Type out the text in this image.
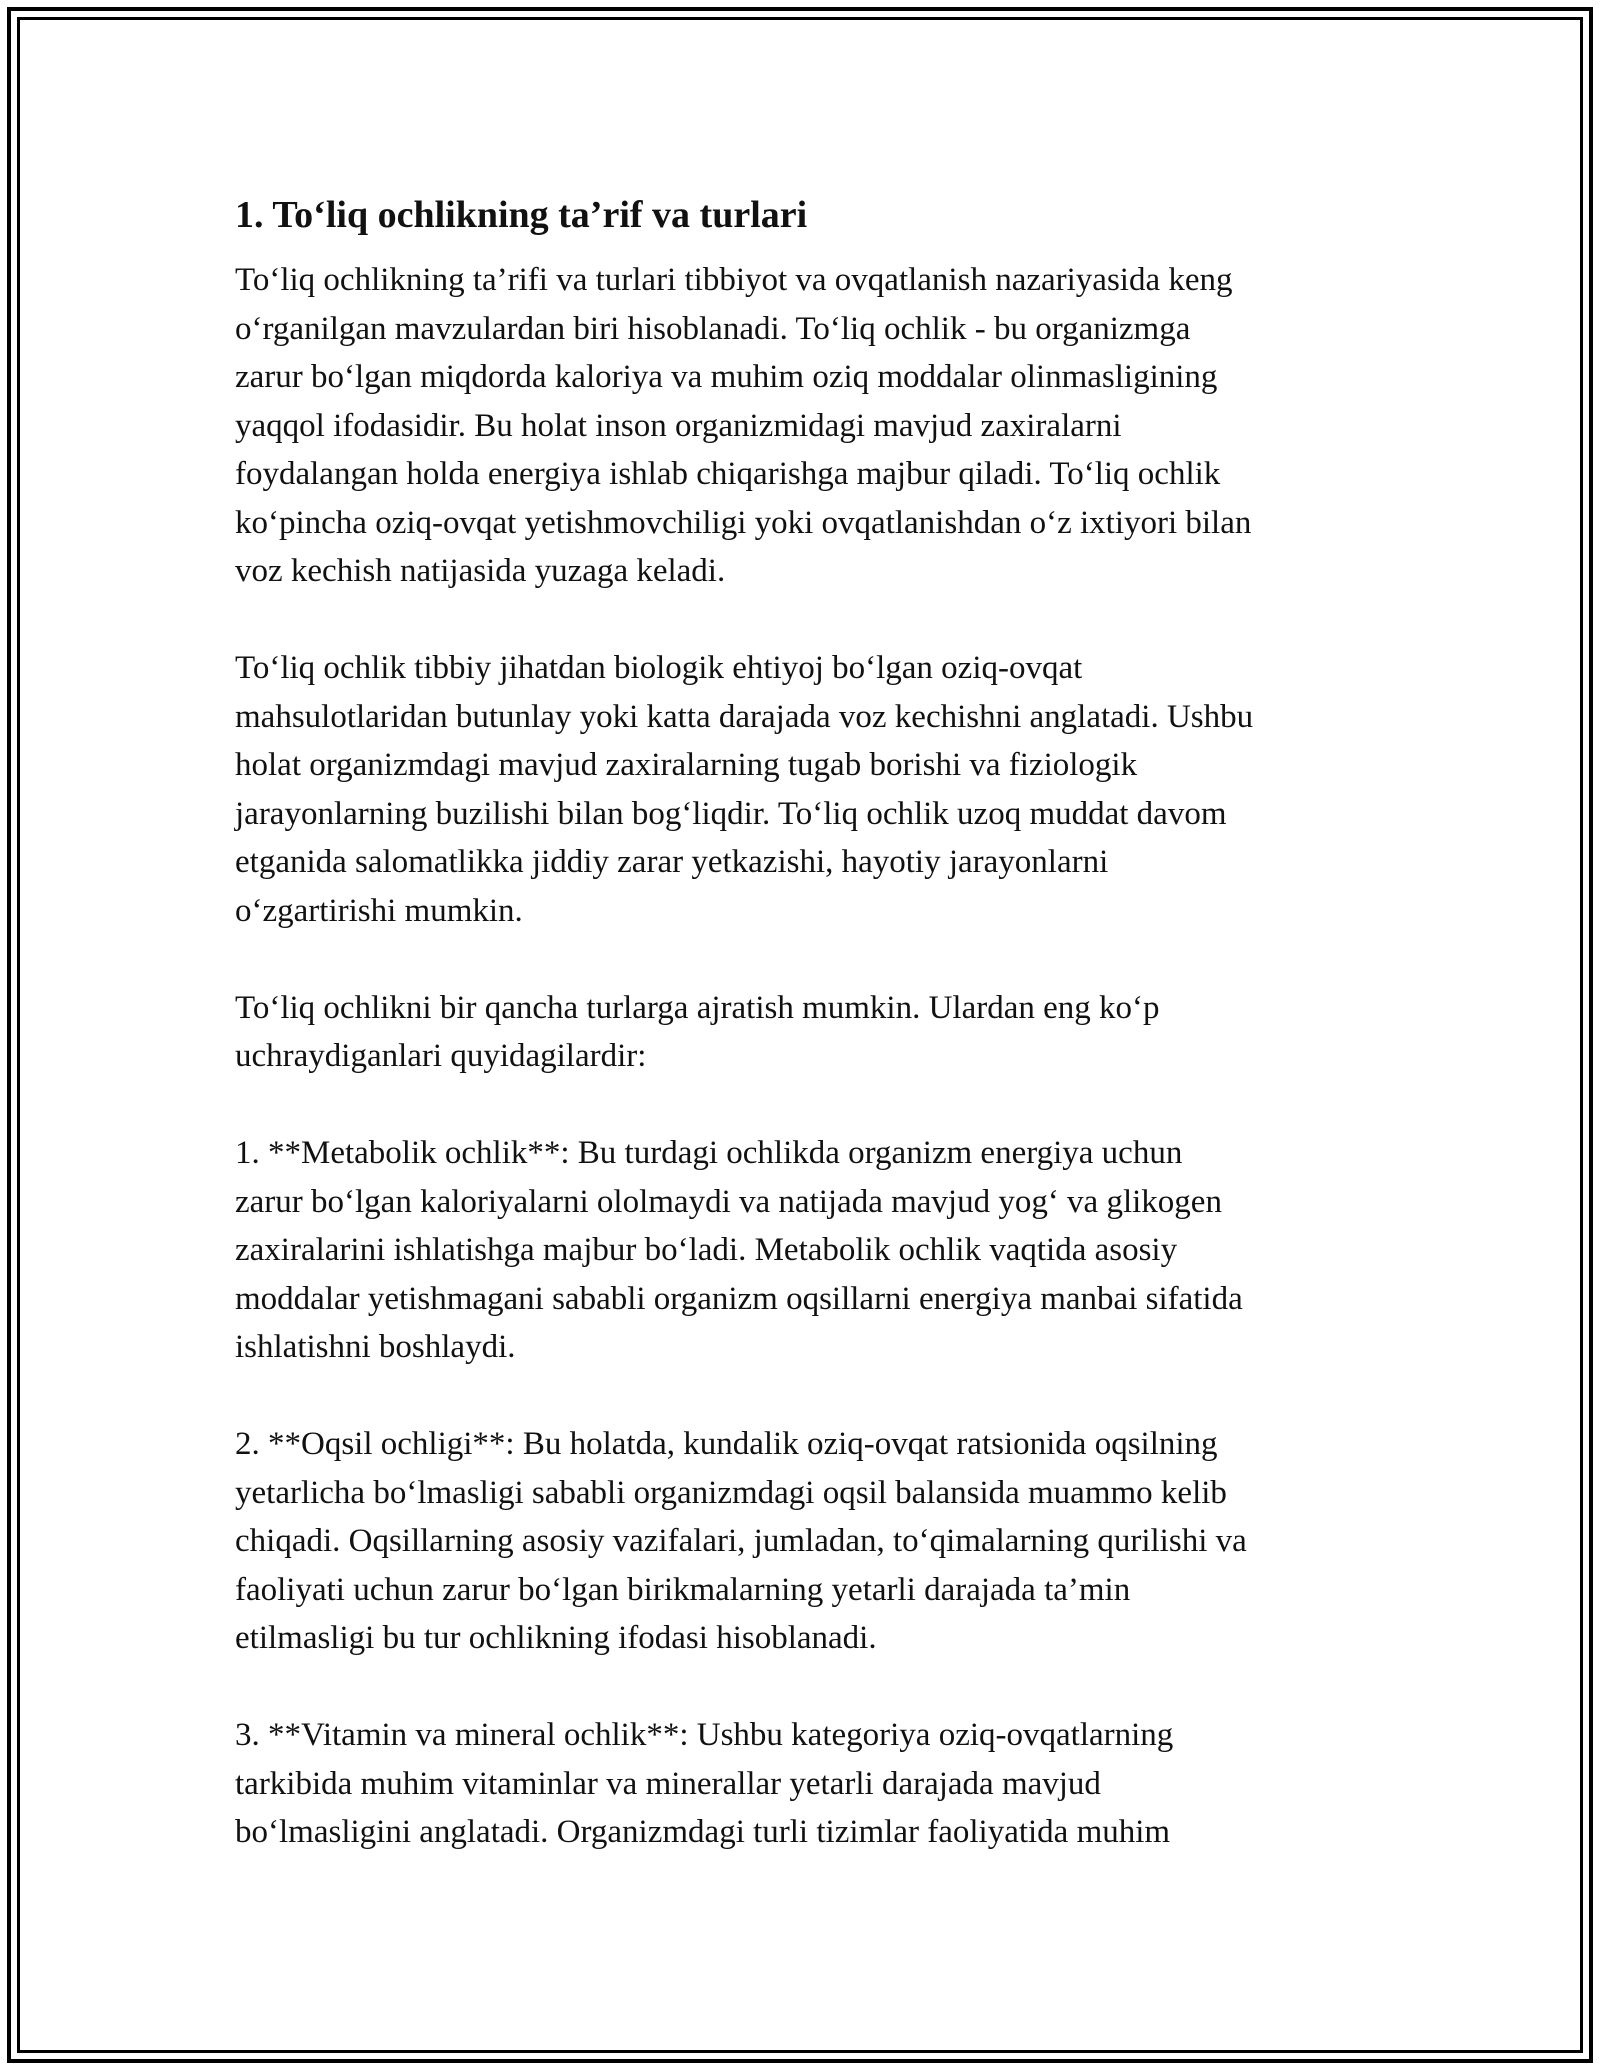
1. To‘liq ochlikning ta’rif va turlari

To‘liq ochlikning ta’rifi va turlari tibbiyot va ovqatlanish nazariyasida keng
o‘rganilgan mavzulardan biri hisoblanadi. To‘liq ochlik - bu organizmga
zarur bo‘lgan miqdorda kaloriya va muhim oziq moddalar olinmasligining
yaqqol ifodasidir. Bu holat inson organizmidagi mavjud zaxiralarni
foydalangan holda energiya ishlab chiqarishga majbur qiladi. To‘liq ochlik
ko‘pincha oziq-ovqat yetishmovchiligi yoki ovqatlanishdan o‘z ixtiyori bilan
voz kechish natijasida yuzaga keladi.

To‘liq ochlik tibbiy jihatdan biologik ehtiyoj bo‘lgan oziq-ovqat
mahsulotlaridan butunlay yoki katta darajada voz kechishni anglatadi. Ushbu
holat organizmdagi mavjud zaxiralarning tugab borishi va fiziologik
jarayonlarning buzilishi bilan bog‘liqdir. To‘liq ochlik uzoq muddat davom
etganida salomatlikka jiddiy zarar yetkazishi, hayotiy jarayonlarni
o‘zgartirishi mumkin.

To‘liq ochlikni bir qancha turlarga ajratish mumkin. Ulardan eng ko‘p
uchraydiganlari quyidagilardir:

1. **Metabolik ochlik**: Bu turdagi ochlikda organizm energiya uchun
zarur bo‘lgan kaloriyalarni ololmaydi va natijada mavjud yog‘ va glikogen
zaxiralarini ishlatishga majbur bo‘ladi. Metabolik ochlik vaqtida asosiy
moddalar yetishmagani sababli organizm oqsillarni energiya manbai sifatida
ishlatishni boshlaydi.

2. **Oqsil ochligi**: Bu holatda, kundalik oziq-ovqat ratsionida oqsilning
yetarlicha bo‘lmasligi sababli organizmdagi oqsil balansida muammo kelib
chiqadi. Oqsillarning asosiy vazifalari, jumladan, to‘qimalarning qurilishi va
faoliyati uchun zarur bo‘lgan birikmalarning yetarli darajada ta’min
etilmasligi bu tur ochlikning ifodasi hisoblanadi.

3. **Vitamin va mineral ochlik**: Ushbu kategoriya oziq-ovqatlarning
tarkibida muhim vitaminlar va minerallar yetarli darajada mavjud
bo‘lmasligini anglatadi. Organizmdagi turli tizimlar faoliyatida muhim
